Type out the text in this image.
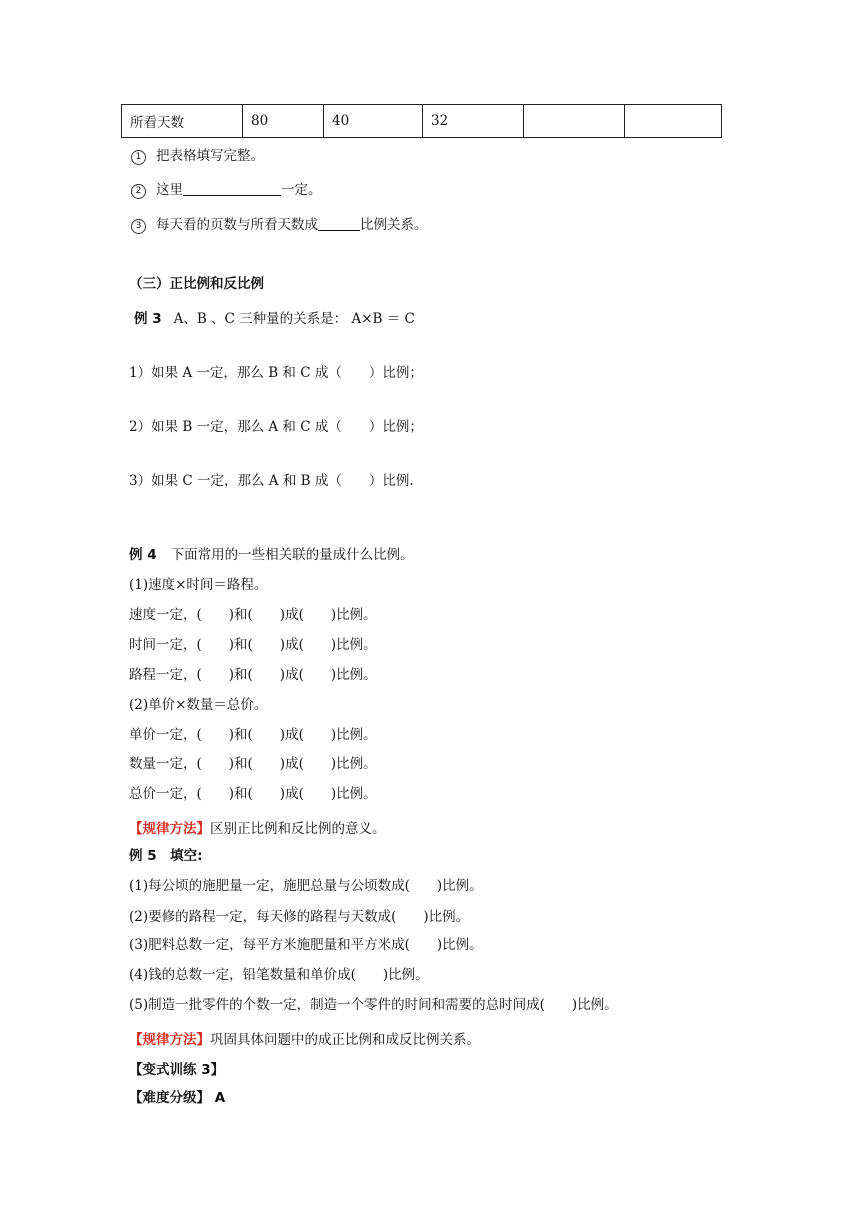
所看天数	80	40	32		
1 把表格填写完整。
2 这里	一定。
3 每天看的页数与所看天数成	比例关系。
（三）正比例和反比例
例 3 A、B 、C 三种量的关系是： A×B ＝ C
1）如果 A 一定，那么 B 和 C 成（　　）比例；
2）如果 B 一定，那么 A 和 C 成（　　）比例；
3）如果 C 一定，那么 A 和 B 成（　　）比例.
例 4 下面常用的一些相关联的量成什么比例。
(1)速度×时间＝路程。
速度一定，(　　)和(　　)成(　　)比例。
时间一定，(　　)和(　　)成(　　)比例。
路程一定，(　　)和(　　)成(　　)比例。
(2)单价×数量＝总价。
单价一定，(　　)和(　　)成(　　)比例。
数量一定，(　　)和(　　)成(　　)比例。
总价一定，(　　)和(　　)成(　　)比例。
【规律方法】区别正比例和反比例的意义。
例 5　填空:
(1)每公顷的施肥量一定，施肥总量与公顷数成(　　)比例。
(2)要修的路程一定，每天修的路程与天数成(　　)比例。
(3)肥料总数一定，每平方米施肥量和平方米成(　　)比例。
(4)钱的总数一定，铅笔数量和单价成(　　)比例。
(5)制造一批零件的个数一定，制造一个零件的时间和需要的总时间成(　　)比例。
【规律方法】巩固具体问题中的成正比例和成反比例关系。
【变式训练 3】
【难度分级】 A
